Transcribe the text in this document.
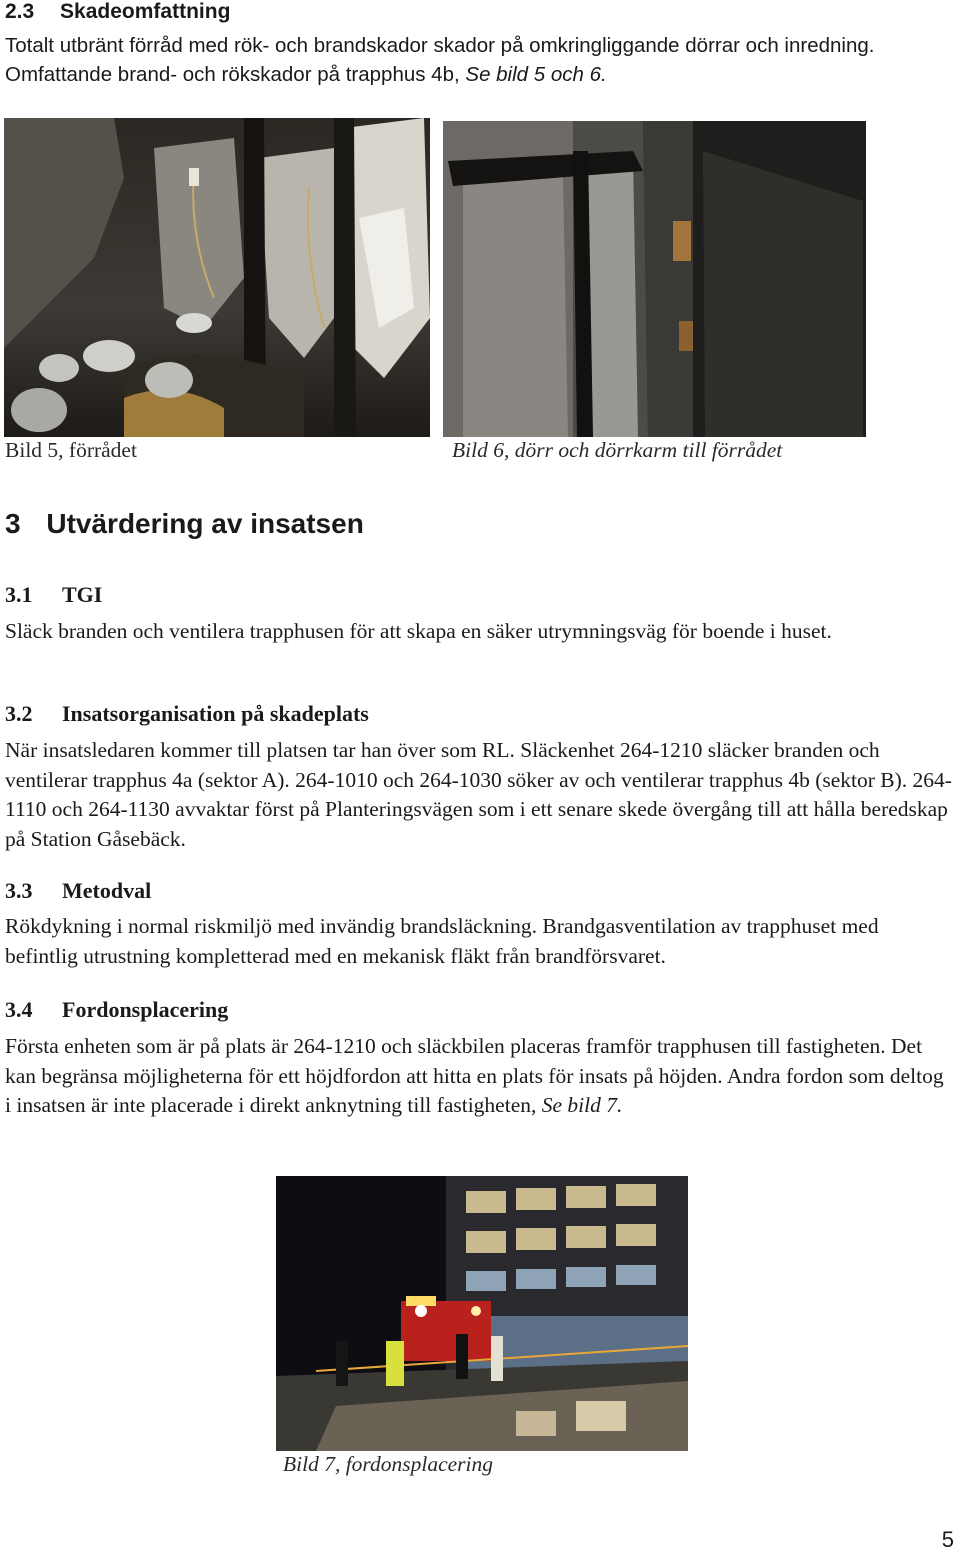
2.3 Skadeomfattning

Totalt utbränt förråd med rök- och brandskador skador på omkringliggande dörrar och inredning. Omfattande brand- och rökskador på trapphus 4b, Se bild 5 och 6.

Bild 5, förrådet	Bild 6, dörr och dörrkarm till förrådet
3 Utvärdering av insatsen
3.1 TGI

Släck branden och ventilera trapphusen för att skapa en säker utrymningsväg för boende i huset.

3.2 Insatsorganisation på skadeplats

När insatsledaren kommer till platsen tar han över som RL. Släckenhet 264-1210 släcker branden och ventilerar trapphus 4a (sektor A). 264-1010 och 264-1030 söker av och ventilerar trapphus 4b (sektor B). 264-1110 och 264-1130 avvaktar först på Planteringsvägen som i ett senare skede övergång till att hålla beredskap på Station Gåsebäck.

3.3 Metodval

Rökdykning i normal riskmiljö med invändig brandsläckning. Brandgasventilation av trapphuset med befintlig utrustning kompletterad med en mekanisk fläkt från brandförsvaret.

3.4 Fordonsplacering

Första enheten som är på plats är 264-1210 och släckbilen placeras framför trapphusen till fastigheten. Det kan begränsa möjligheterna för ett höjdfordon att hitta en plats för insats på höjden. Andra fordon som deltog i insatsen är inte placerade i direkt anknytning till fastigheten, Se bild 7.

Bild 7, fordonsplacering
5
